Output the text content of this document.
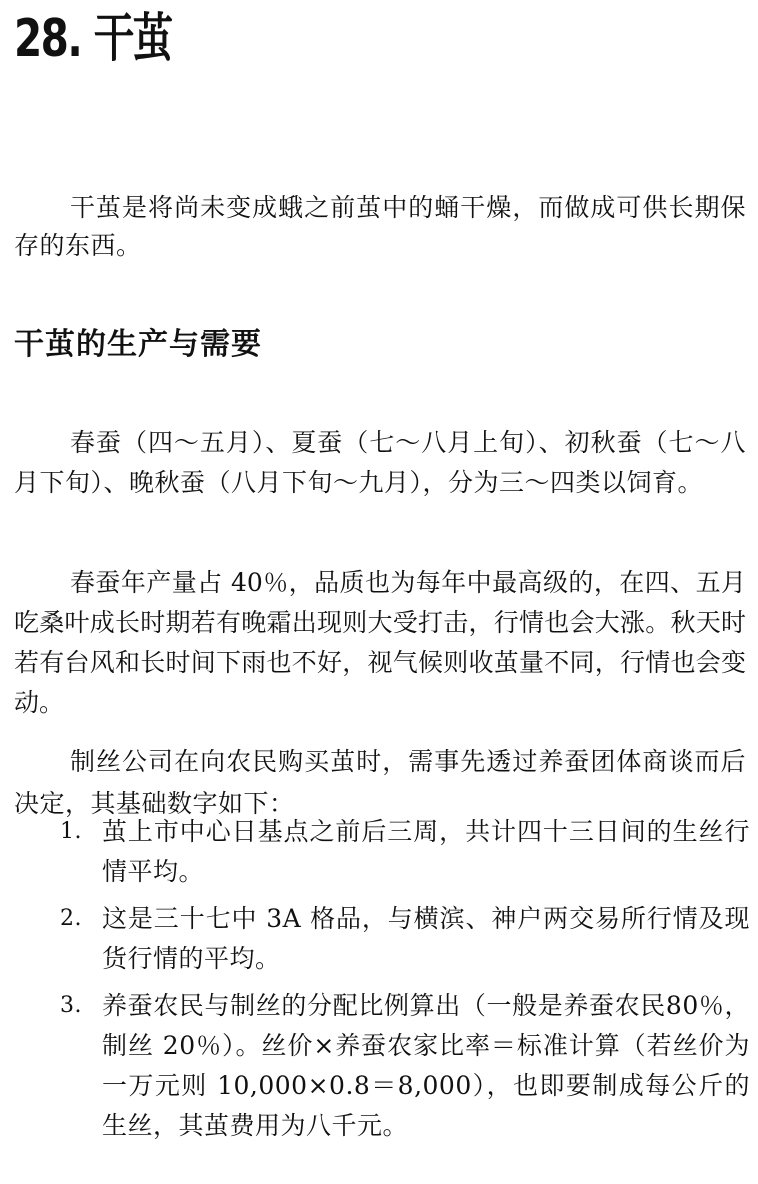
28. 干茧

干茧是将尚未变成蛾之前茧中的蛹干燥，而做成可供长期保存的东西。

干茧的生产与需要

春蚕（四～五月）、夏蚕（七～八月上旬）、初秋蚕（七～八月下旬）、晚秋蚕（八月下旬～九月），分为三～四类以饲育。

春蚕年产量占 40％，品质也为每年中最高级的，在四、五月吃桑叶成长时期若有晚霜出现则大受打击，行情也会大涨。秋天时若有台风和长时间下雨也不好，视气候则收茧量不同，行情也会变动。

制丝公司在向农民购买茧时，需事先透过养蚕团体商谈而后决定，其基础数字如下：

1. 茧上市中心日基点之前后三周，共计四十三日间的生丝行情平均。
2. 这是三十七中 3A 格品，与横滨、神户两交易所行情及现货行情的平均。
3. 养蚕农民与制丝的分配比例算出（一般是养蚕农民80％，制丝 20％）。丝价×养蚕农家比率＝标准计算（若丝价为一万元则 10,000×0.8＝8,000），也即要制成每公斤的生丝，其茧费用为八千元。
